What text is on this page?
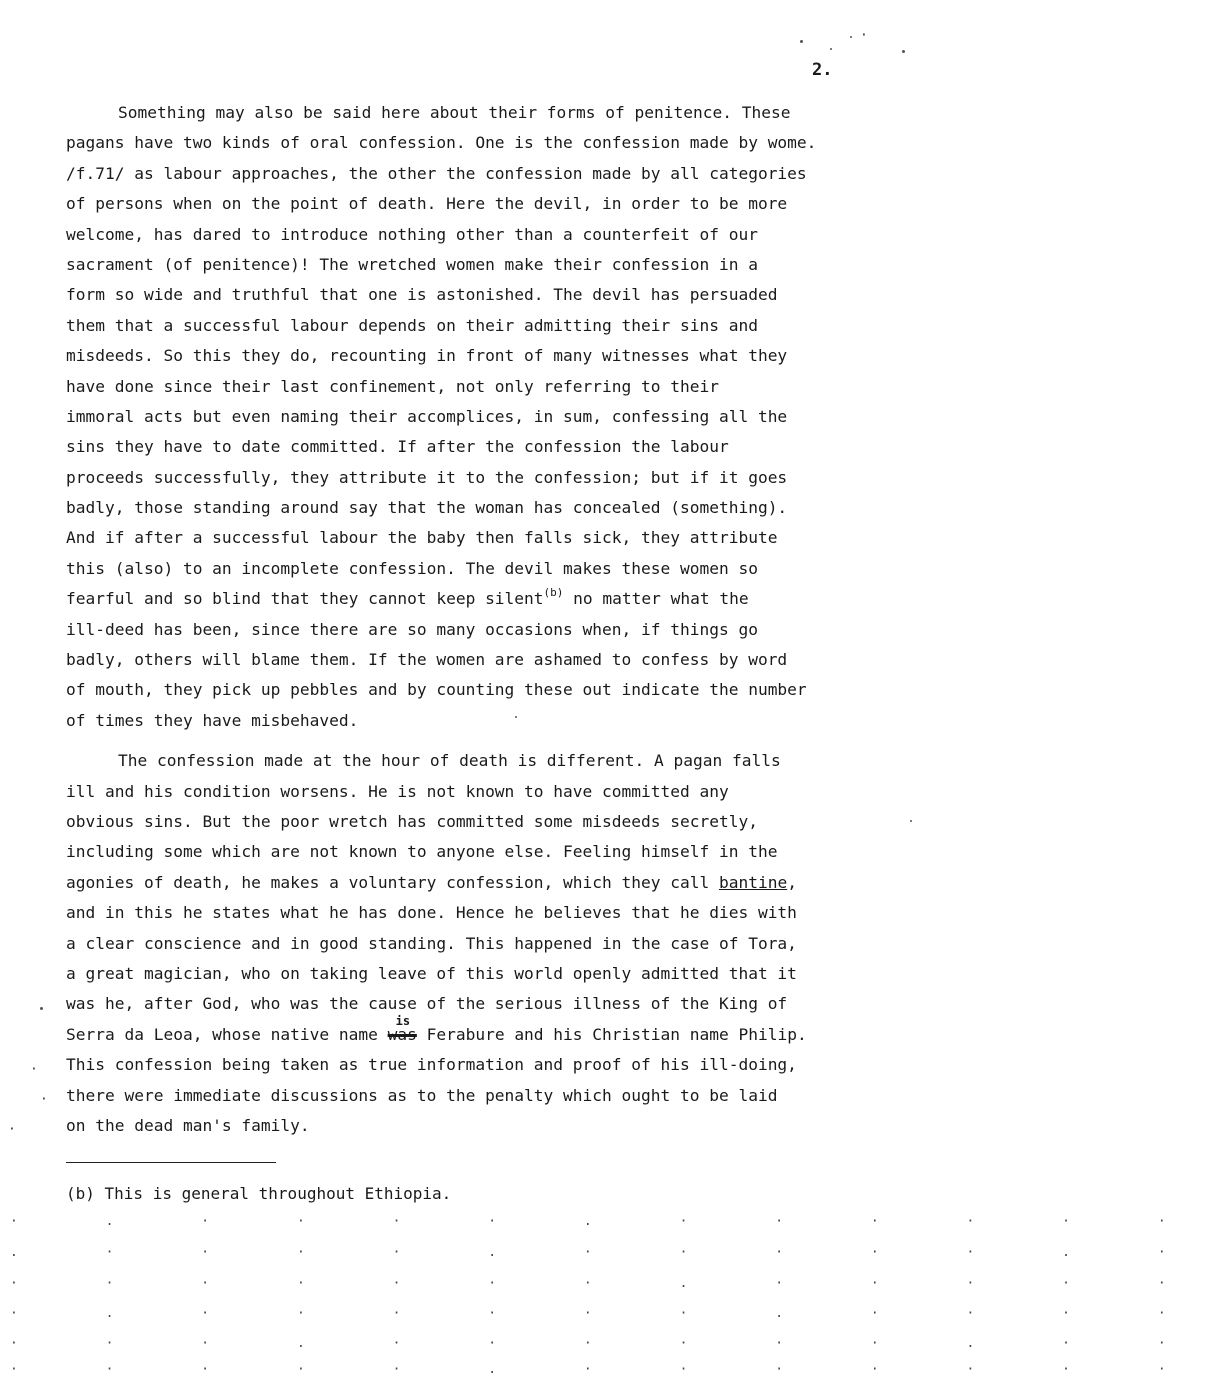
2.
Something may also be said here about their forms of penitence. These
pagans have two kinds of oral confession. One is the confession made by wome.
/f.71/ as labour approaches, the other the confession made by all categories
of persons when on the point of death. Here the devil, in order to be more
welcome, has dared to introduce nothing other than a counterfeit of our
sacrament (of penitence)! The wretched women make their confession in a
form so wide and truthful that one is astonished. The devil has persuaded
them that a successful labour depends on their admitting their sins and
misdeeds. So this they do, recounting in front of many witnesses what they
have done since their last confinement, not only referring to their
immoral acts but even naming their accomplices, in sum, confessing all the
sins they have to date committed. If after the confession the labour
proceeds successfully, they attribute it to the confession; but if it goes
badly, those standing around say that the woman has concealed (something).
And if after a successful labour the baby then falls sick, they attribute
this (also) to an incomplete confession. The devil makes these women so
fearful and so blind that they cannot keep silent$^{(b)}$ no matter what the
ill-deed has been, since there are so many occasions when, if things go
badly, others will blame them. If the women are ashamed to confess by word
of mouth, they pick up pebbles and by counting these out indicate the number
of times they have misbehaved.
The confession made at the hour of death is different. A pagan falls
ill and his condition worsens. He is not known to have committed any
obvious sins. But the poor wretch has committed some misdeeds secretly,
including some which are not known to anyone else. Feeling himself in the
agonies of death, he makes a voluntary confession, which they call bantine,
and in this he states what he has done. Hence he believes that he dies with
a clear conscience and in good standing. This happened in the case of Tora,
a great magician, who on taking leave of this world openly admitted that it
was he, after God, who was the cause of the serious illness of the King of
Serra da Leoa, whose native name was
is
Ferabure and his Christian name Philip.
This confession being taken as true information and proof of his ill-doing,
there were immediate discussions as to the penalty which ought to be laid
on the dead man's family.
(b) This is general throughout Ethiopia.
·
·
·
·
· . · · · · . · · · · · ·
. · · · · . · · · · · . ·
· · · · · · · . · · · · ·
· . · · · · · · . · · · ·
· · · . · · · · · · . · ·
· · · · · . · · · · · · ·
